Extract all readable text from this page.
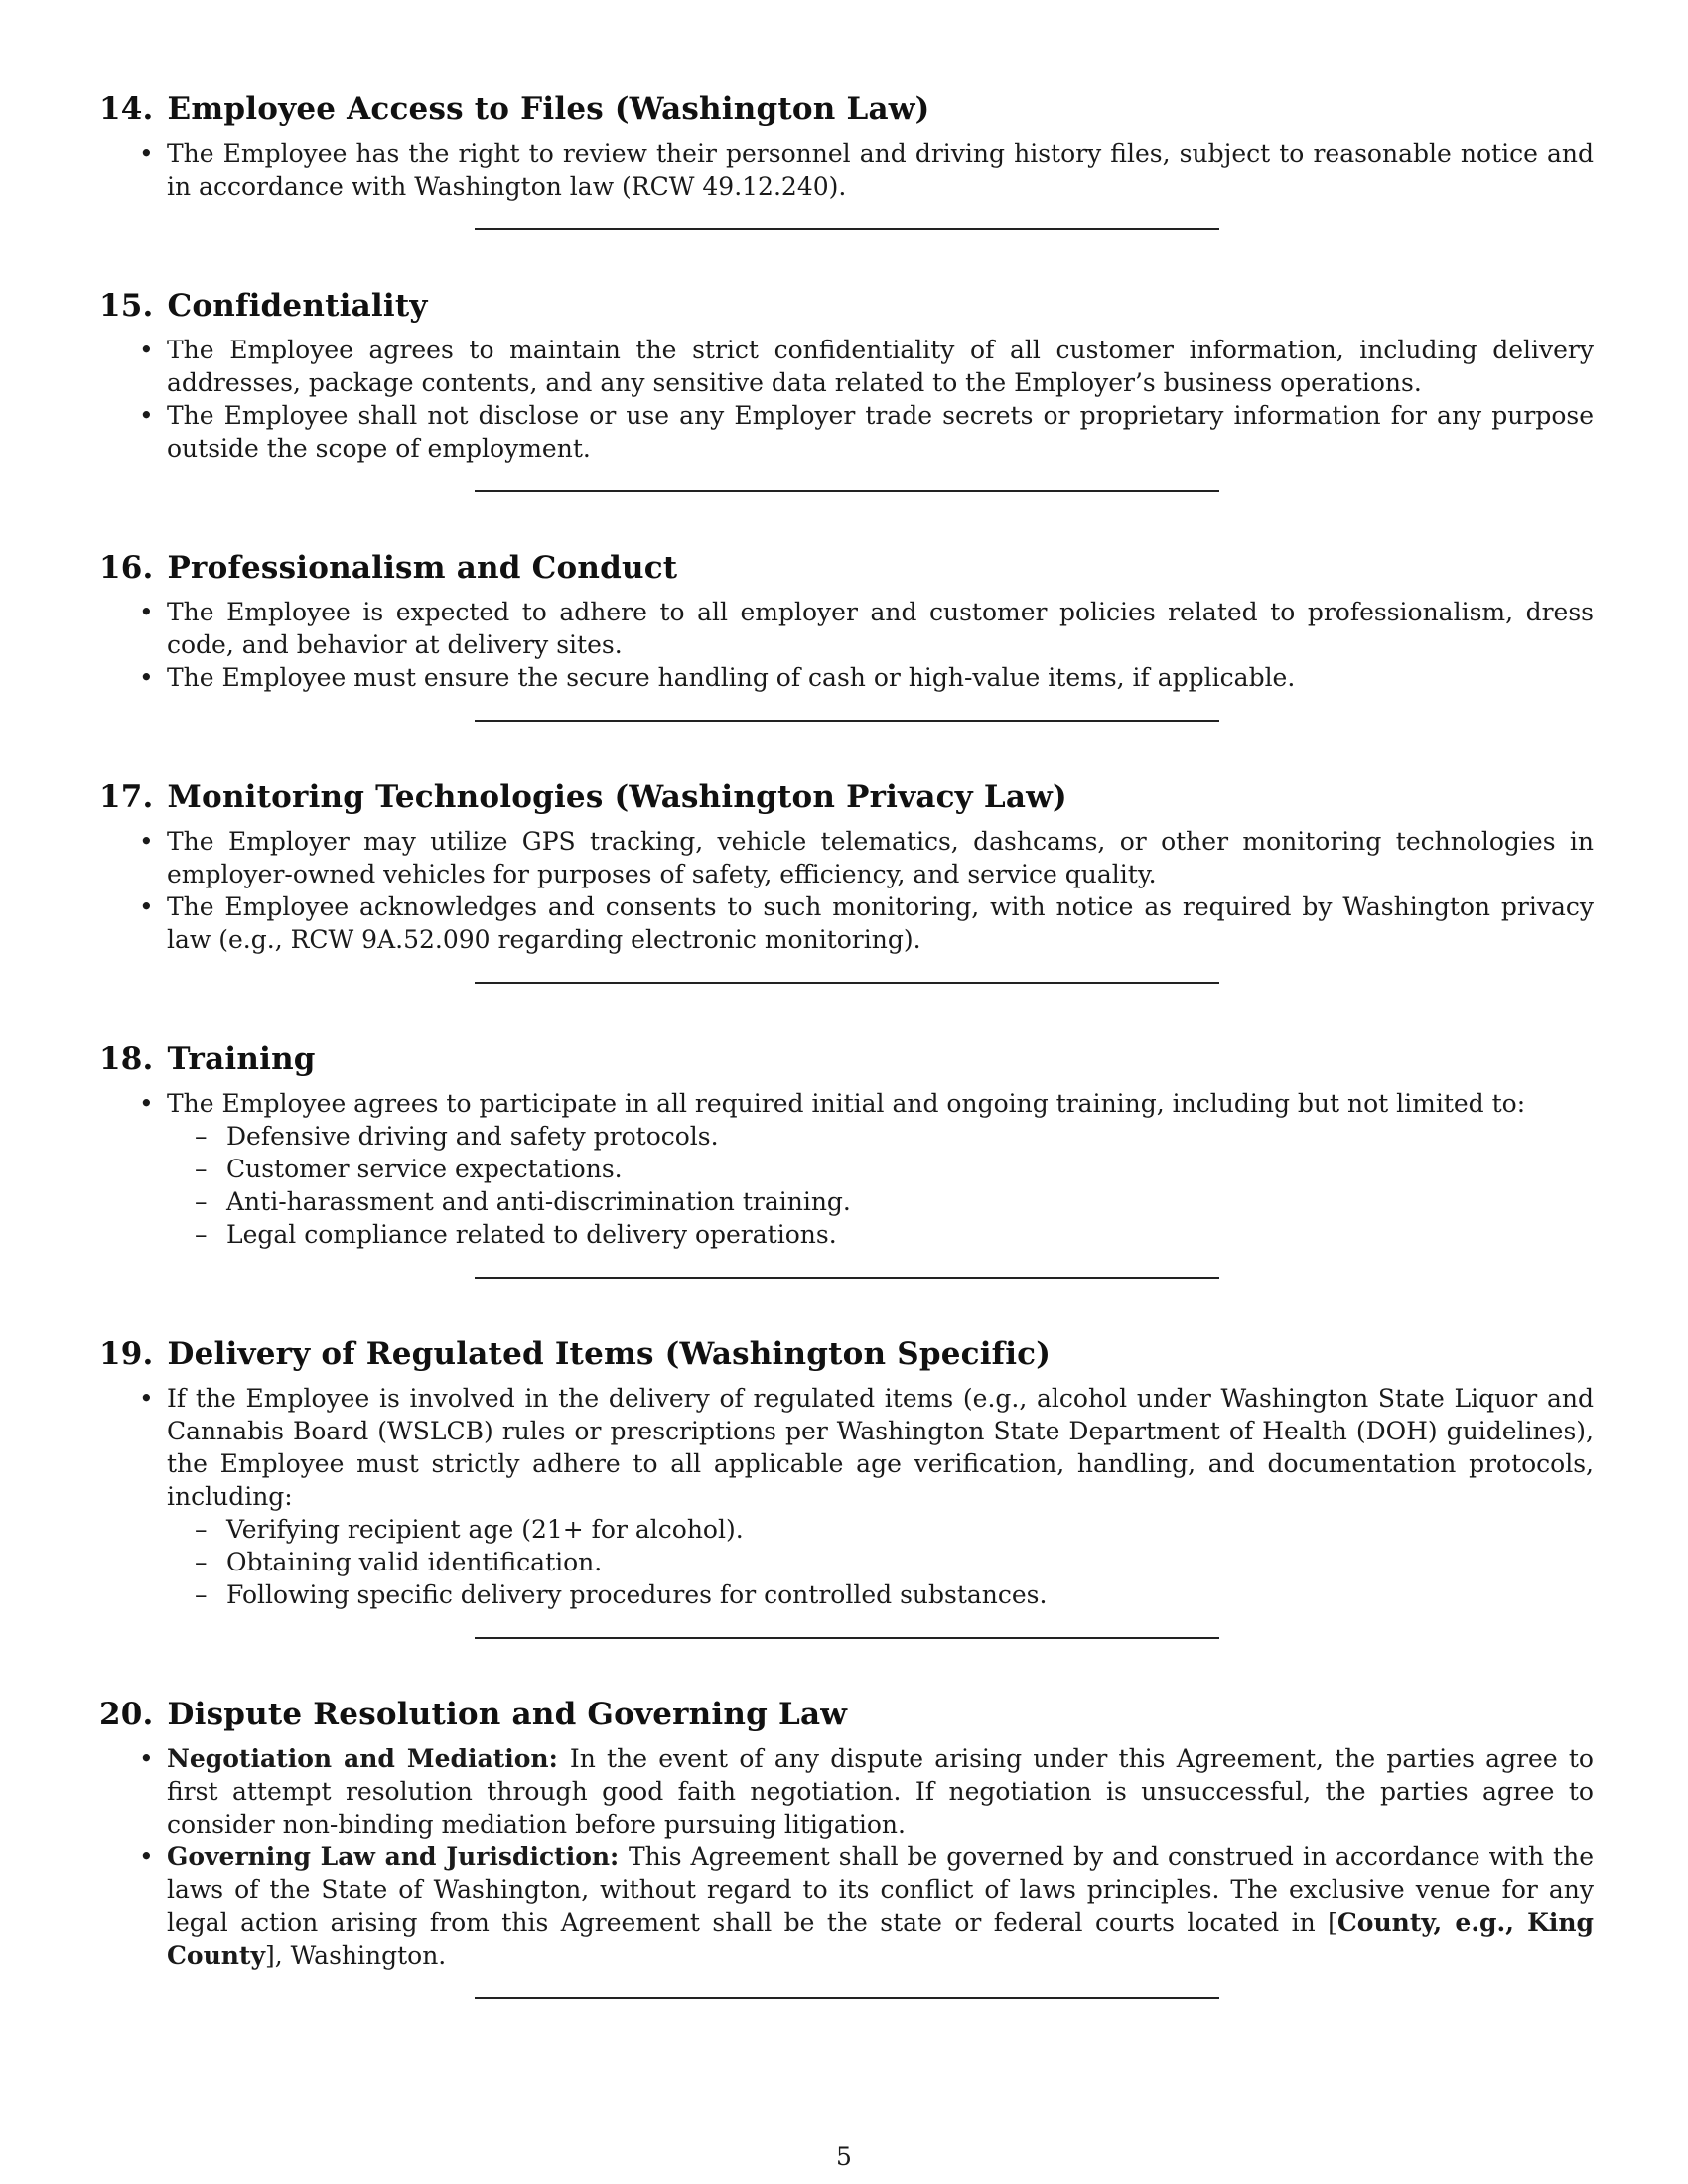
14. Employee Access to Files (Washington Law)
• The Employee has the right to review their personnel and driving history files, subject to reasonable notice and in accordance with Washington law (RCW 49.12.240).
15. Confidentiality
• The Employee agrees to maintain the strict confidentiality of all customer information, including delivery addresses, package contents, and any sensitive data related to the Employer’s business operations.
• The Employee shall not disclose or use any Employer trade secrets or proprietary information for any purpose outside the scope of employment.
16. Professionalism and Conduct
• The Employee is expected to adhere to all employer and customer policies related to professionalism, dress code, and behavior at delivery sites.
• The Employee must ensure the secure handling of cash or high-value items, if applicable.
17. Monitoring Technologies (Washington Privacy Law)
• The Employer may utilize GPS tracking, vehicle telematics, dashcams, or other monitoring technologies in employer-owned vehicles for purposes of safety, efficiency, and service quality.
• The Employee acknowledges and consents to such monitoring, with notice as required by Washington privacy law (e.g., RCW 9A.52.090 regarding electronic monitoring).
18. Training
• The Employee agrees to participate in all required initial and ongoing training, including but not limited to:
– Defensive driving and safety protocols.
– Customer service expectations.
– Anti-harassment and anti-discrimination training.
– Legal compliance related to delivery operations.
19. Delivery of Regulated Items (Washington Specific)
• If the Employee is involved in the delivery of regulated items (e.g., alcohol under Washington State Liquor and Cannabis Board (WSLCB) rules or prescriptions per Washington State Department of Health (DOH) guidelines), the Employee must strictly adhere to all applicable age verification, handling, and documentation protocols, including:
– Verifying recipient age (21+ for alcohol).
– Obtaining valid identification.
– Following specific delivery procedures for controlled substances.
20. Dispute Resolution and Governing Law
• Negotiation and Mediation: In the event of any dispute arising under this Agreement, the parties agree to first attempt resolution through good faith negotiation. If negotiation is unsuccessful, the parties agree to consider non-binding mediation before pursuing litigation.
• Governing Law and Jurisdiction: This Agreement shall be governed by and construed in accordance with the laws of the State of Washington, without regard to its conflict of laws principles. The exclusive venue for any legal action arising from this Agreement shall be the state or federal courts located in [County, e.g., King County], Washington.
5
